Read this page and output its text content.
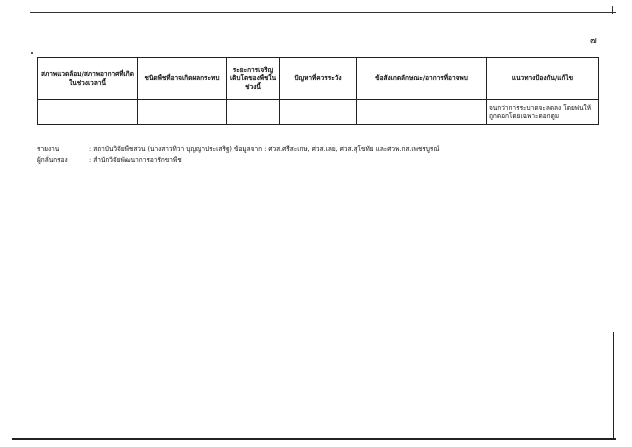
๗
สภาพแวดล้อม/สภาพอากาศที่เกิดในช่วงเวลานี้	ชนิดพืชที่อาจเกิดผลกระทบ	ระยะการเจริญเติบโตของพืชในช่วงนี้	ปัญหาที่ควรระวัง	ข้อสังเกตลักษณะ/อาการที่อาจพบ	แนวทางป้องกัน/แก้ไข
					จนกว่าการระบาดจะลดลง โดยพ่นให้ถูกดอกโดยเฉพาะดอกตูม
รายงาน	: สถาบันวิจัยพืชสวน (นางสาวทิวา บุญญาประเสริฐ) ข้อมูลจาก : ศวส.ศรีสะเกษ, ศวส.เลย, ศวส.สุโขทัย และศวพ.กส.เพชรบูรณ์
ผู้กลั่นกรอง	: สำนักวิจัยพัฒนาการอารักขาพืช
